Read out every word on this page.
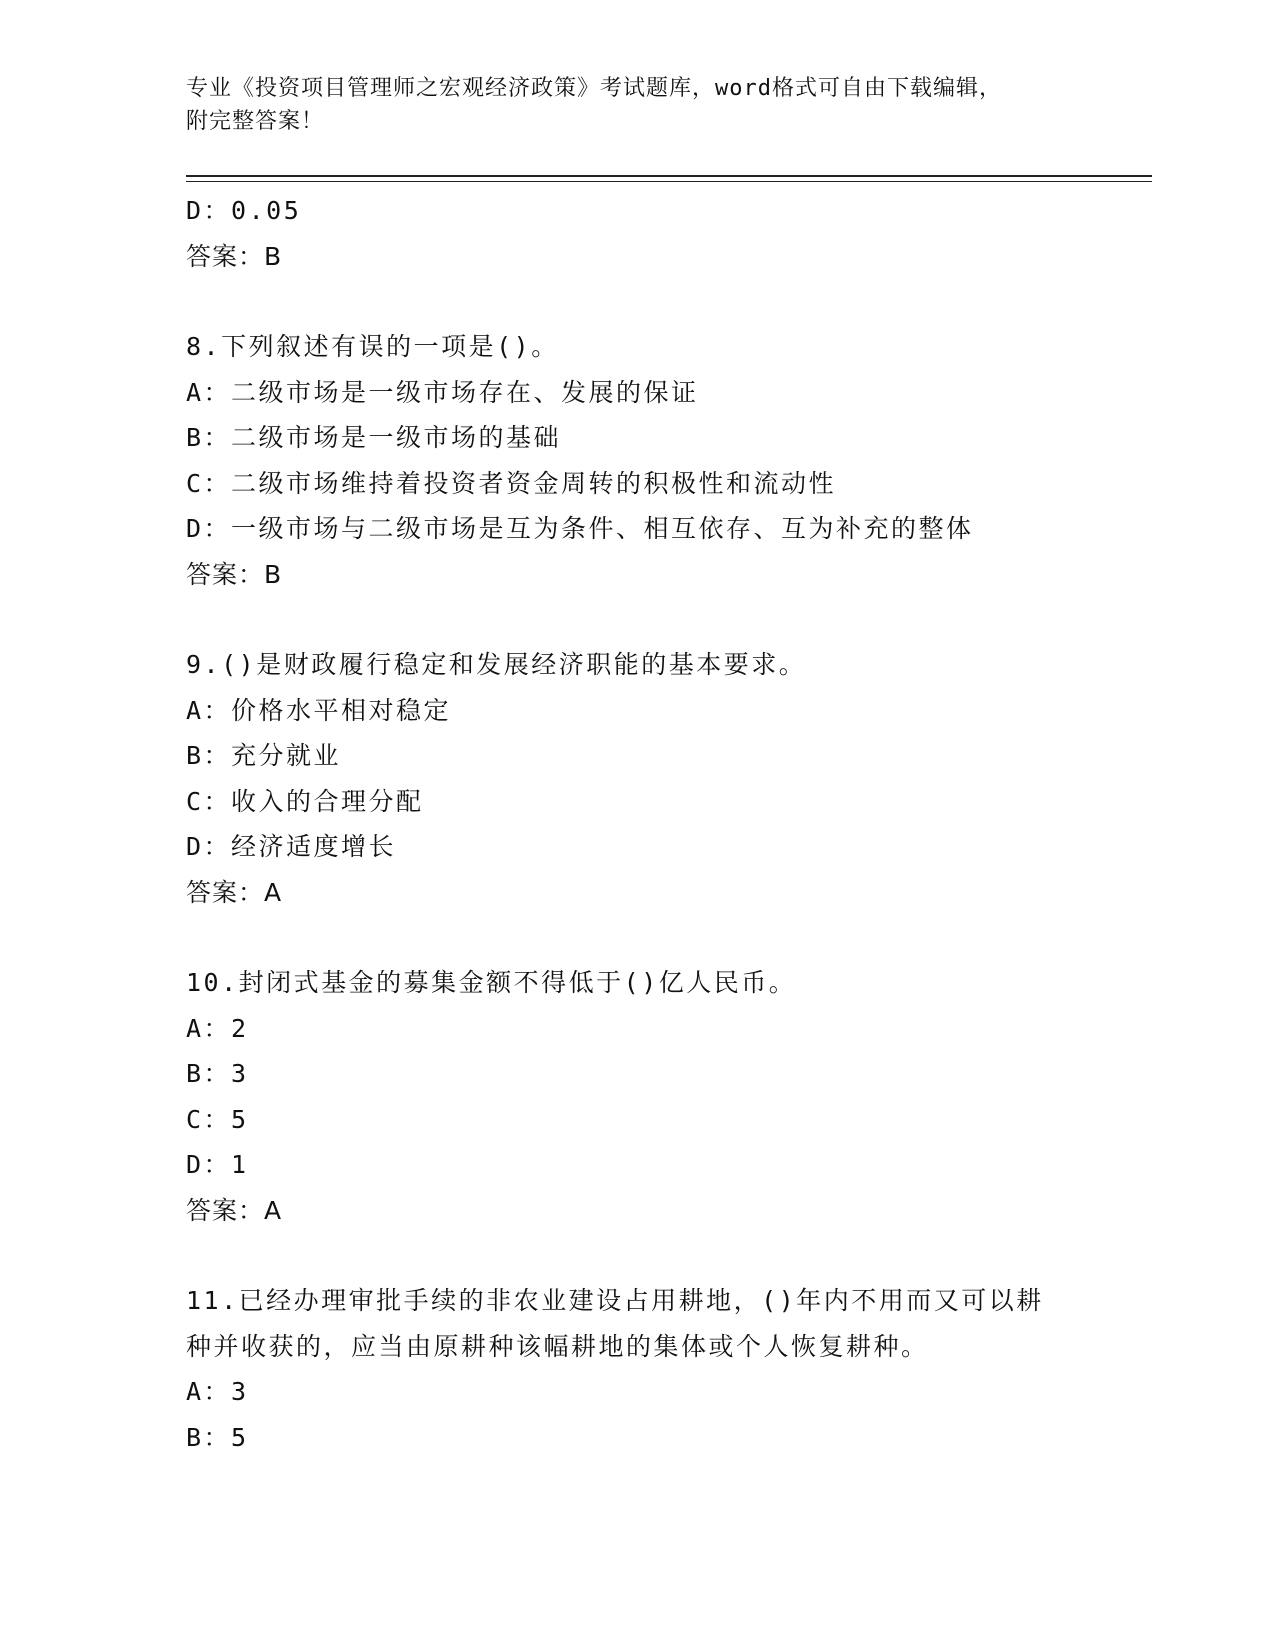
专业《投资项目管理师之宏观经济政策》考试题库，word格式可自由下载编辑，
附完整答案！
D：0.05
答案：B
8.下列叙述有误的一项是()。
A：二级市场是一级市场存在、发展的保证
B：二级市场是一级市场的基础
C：二级市场维持着投资者资金周转的积极性和流动性
D：一级市场与二级市场是互为条件、相互依存、互为补充的整体
答案：B
9.()是财政履行稳定和发展经济职能的基本要求。
A：价格水平相对稳定
B：充分就业
C：收入的合理分配
D：经济适度增长
答案：A
10.封闭式基金的募集金额不得低于()亿人民币。
A：2
B：3
C：5
D：1
答案：A
11.已经办理审批手续的非农业建设占用耕地，()年内不用而又可以耕
种并收获的，应当由原耕种该幅耕地的集体或个人恢复耕种。
A：3
B：5
